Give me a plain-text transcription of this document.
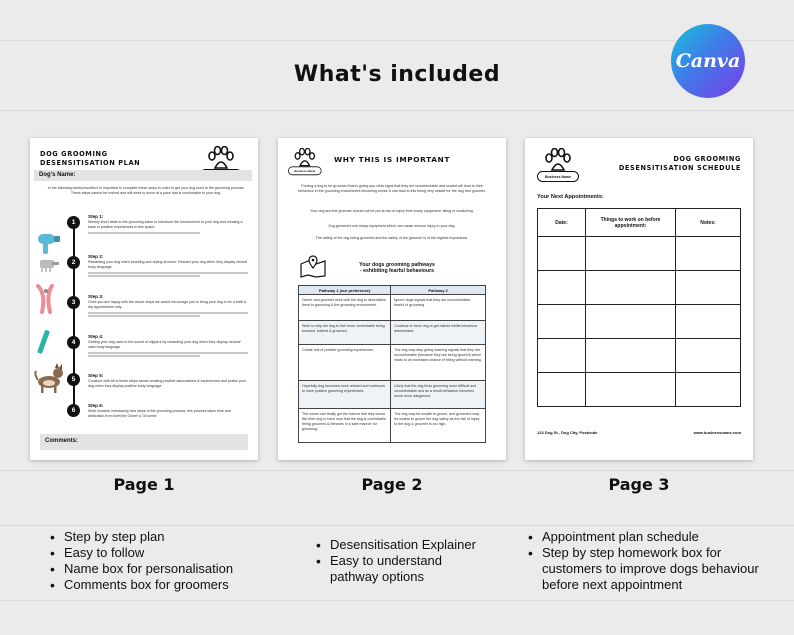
What's included
Canva
DOG GROOMING
DESENSITISATION PLAN
Dog's Name:
In the following weeks/months it is important to complete these steps in order to get your dog used to the grooming process. These steps cannot be rushed and will need to move at a pace that is comfortable to your dog.
1
Step 1:
Weekly short visits to the grooming salon to introduce the environment to your dog and creating a bank of positive experiences in this space.
2
Step 2:
Rewarding your dog when brushing and drying at home. Reward your dog when they display neutral body language.
3
Step 3:
Once you are happy with the above steps we would encourage you to bring your dog in for a bath & dry appointment only.
4
Step 4:
Getting your dog used to the sound of clippers by rewarding your dog when they display neutral/ calm body language.
5
Step 5:
Continue with all of these steps above creating positive associations & experiences and praise your dog when they display positive body language.
6
Step 6:
Work towards introducing new steps of the grooming process, this process takes time and dedication from both the Owner & Groomer.
Comments:
Business Name
WHY THIS IS IMPORTANT
Forcing a dog to be groomed that is giving you clear signs that they are uncomfortable and scared will lead to their behaviour in the grooming environment becoming worse & can lead to this being very unsafe for the dog and groomer.
Your dog and the groomer should not be put at risk of injury from sharp equipment, biting or scratching.
Dog groomers use sharp equipment which can cause serious injury to your dog.
The safety of the dog being groomed and the safety of the groomer is of the highest importance.
Your dogs grooming pathways
- exhibiting fearful behaviours
Pathway 1 (our preference)	Pathway 2
Owner and groomer work with the dog to desensitise them to grooming & the grooming environment.	Ignore dogs signals that they are uncomfortable, fearful of grooming.
Work to help the dog to feel more comfortable being brushed, bathed & groomed.	Continue to force dog to get haircut whilst behaviour deteriorates.
Create lots of positive grooming experiences.	The dog may stop giving warning signals that they are uncomfortable (because they are being ignored) which leads to an increased chance of biting without warning.
Hopefully dog becomes more relaxed and continues to have positive grooming experiences.	Likely that the dog finds grooming more difficult and uncomfortable and as a result behaviour becomes much more dangerous.
The owner can finally get the haircut that they would like their dog to have now that the dog is comfortable being groomed & behaves in a safe manner for grooming.	The dog may be unsafe to groom, and groomers may be unable to groom the dog safely as the risk of injury to the dog & groomer is too high.
Business Name
DOG GROOMING
DESENSITISATION SCHEDULE
Your Next Appointments:
Date:	Things to work on before appointment:	Notes:

123 Dog St., Dog City, Postcode	www.businessname.com
Page 1	Page 2	Page 3
• Step by step plan
• Easy to follow
• Name box for personalisation
• Comments box for groomers
• Desensitisation Explainer
• Easy to understand pathway options
• Appointment plan schedule
• Step by step homework box for customers to improve dogs behaviour before next appointment
